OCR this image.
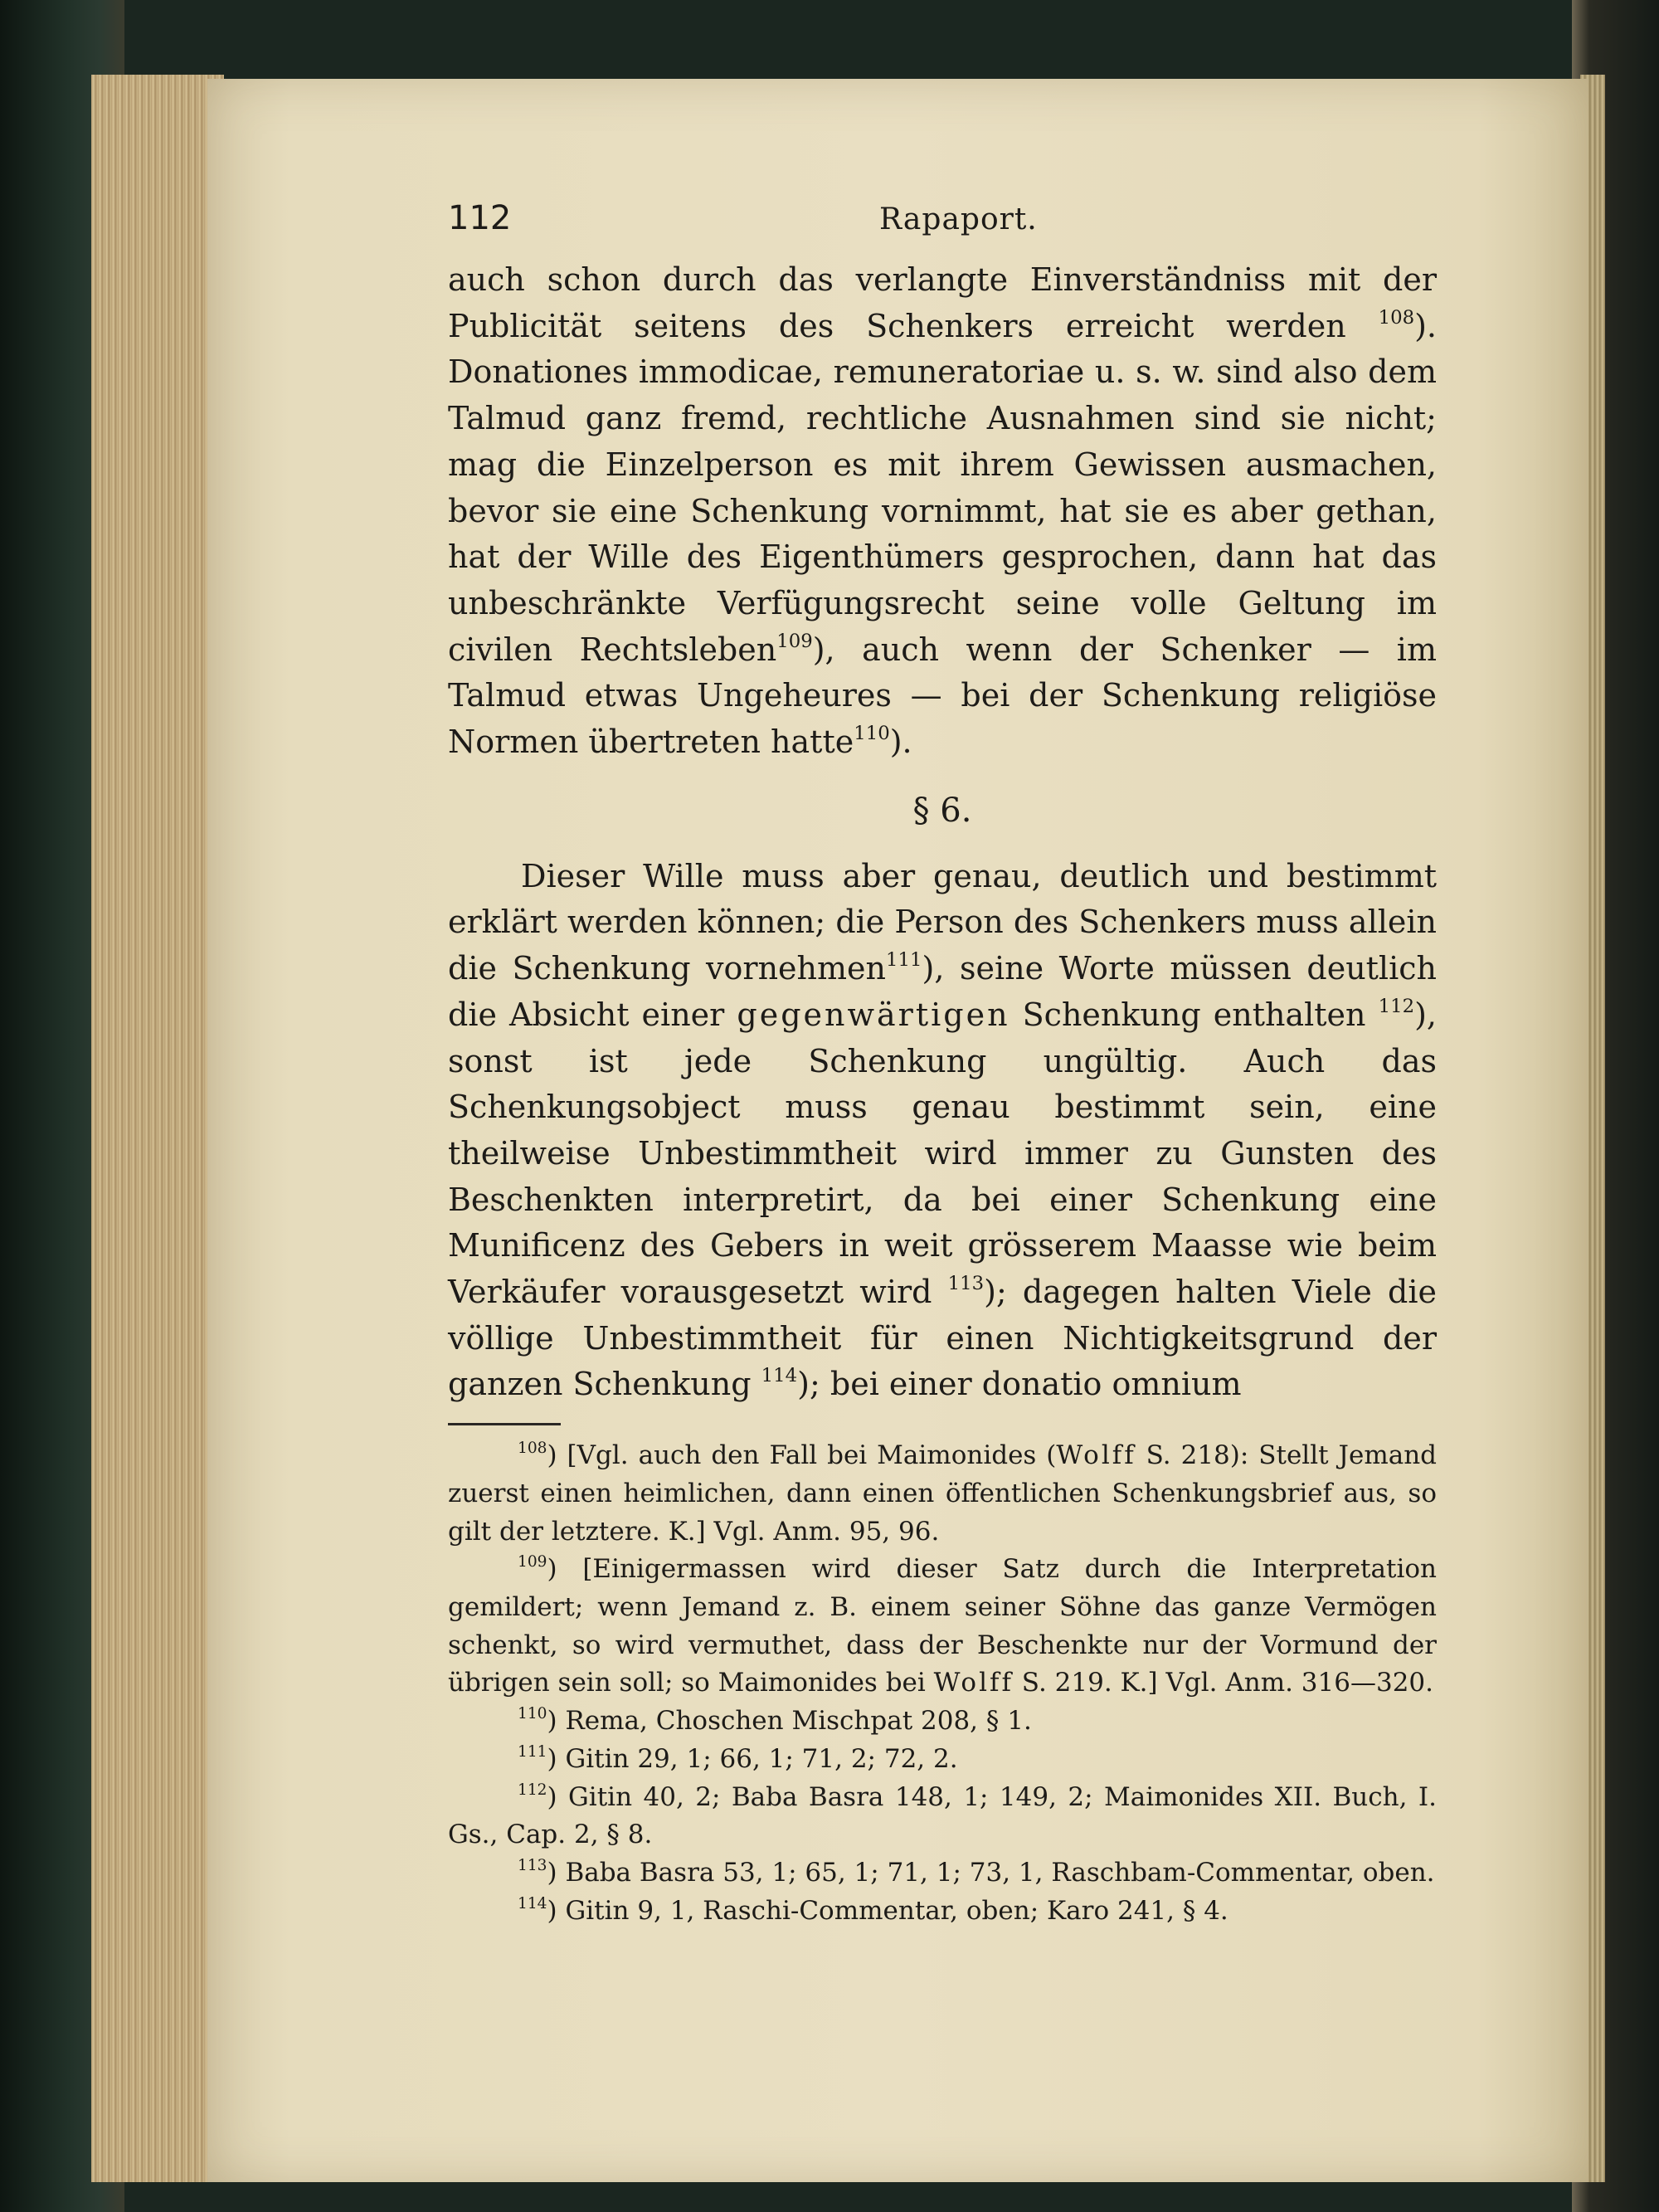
112	Rapaport.

auch schon durch das verlangte Einverständniss mit der Publicität seitens des Schenkers erreicht werden $^{108}$). Donationes immodicae, remuneratoriae u. s. w. sind also dem Talmud ganz fremd, rechtliche Ausnahmen sind sie nicht; mag die Einzelperson es mit ihrem Gewissen ausmachen, bevor sie eine Schenkung vornimmt, hat sie es aber gethan, hat der Wille des Eigenthümers gesprochen, dann hat das unbeschränkte Verfügungsrecht seine volle Geltung im civilen Rechtsleben$^{109}$), auch wenn der Schenker — im Talmud etwas Ungeheures — bei der Schenkung religiöse Normen übertreten hatte$^{110}$).

§ 6.

Dieser Wille muss aber genau, deutlich und bestimmt erklärt werden können; die Person des Schenkers muss allein die Schenkung vornehmen$^{111}$), seine Worte müssen deutlich die Absicht einer gegenwärtigen Schenkung enthalten $^{112}$), sonst ist jede Schenkung ungültig. Auch das Schenkungsobject muss genau bestimmt sein, eine theilweise Unbestimmtheit wird immer zu Gunsten des Beschenkten interpretirt, da bei einer Schenkung eine Munificenz des Gebers in weit grösserem Maasse wie beim Verkäufer vorausgesetzt wird $^{113}$); dagegen halten Viele die völlige Unbestimmtheit für einen Nichtigkeitsgrund der ganzen Schenkung $^{114}$); bei einer donatio omnium

$^{108}$) [Vgl. auch den Fall bei Maimonides (Wolff S. 218): Stellt Jemand zuerst einen heimlichen, dann einen öffentlichen Schenkungsbrief aus, so gilt der letztere. K.] Vgl. Anm. 95, 96.

$^{109}$) [Einigermassen wird dieser Satz durch die Interpretation gemildert; wenn Jemand z. B. einem seiner Söhne das ganze Vermögen schenkt, so wird vermuthet, dass der Beschenkte nur der Vormund der übrigen sein soll; so Maimonides bei Wolff S. 219. K.] Vgl. Anm. 316—320.

$^{110}$) Rema, Choschen Mischpat 208, § 1.

$^{111}$) Gitin 29, 1; 66, 1; 71, 2; 72, 2.

$^{112}$) Gitin 40, 2; Baba Basra 148, 1; 149, 2; Maimonides XII. Buch, I. Gs., Cap. 2, § 8.

$^{113}$) Baba Basra 53, 1; 65, 1; 71, 1; 73, 1, Raschbam-Commentar, oben.

$^{114}$) Gitin 9, 1, Raschi-Commentar, oben; Karo 241, § 4.
